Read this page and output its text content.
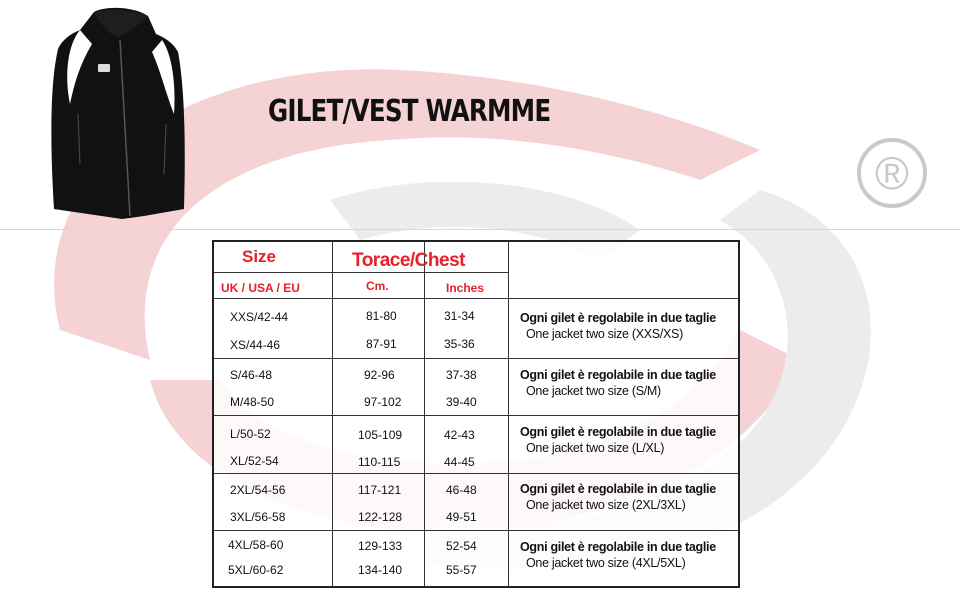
GILET/VEST WARMME
®
Size	Torace/Chest
UK / USA / EU	Cm.	Inches
XXS/42-44	81-80	31-34
XS/44-46	87-91	35-36
Ogni gilet è regolabile in due taglie
One jacket two size (XXS/XS)
S/46-48	92-96	37-38
M/48-50	97-102	39-40
Ogni gilet è regolabile in due taglie
One jacket two size (S/M)
L/50-52	105-109	42-43
XL/52-54	110-115	44-45
Ogni gilet è regolabile in due taglie
One jacket two size (L/XL)
2XL/54-56	117-121	46-48
3XL/56-58	122-128	49-51
Ogni gilet è regolabile in due taglie
One jacket two size (2XL/3XL)
4XL/58-60	129-133	52-54
5XL/60-62	134-140	55-57
Ogni gilet è regolabile in due taglie
One jacket two size (4XL/5XL)
